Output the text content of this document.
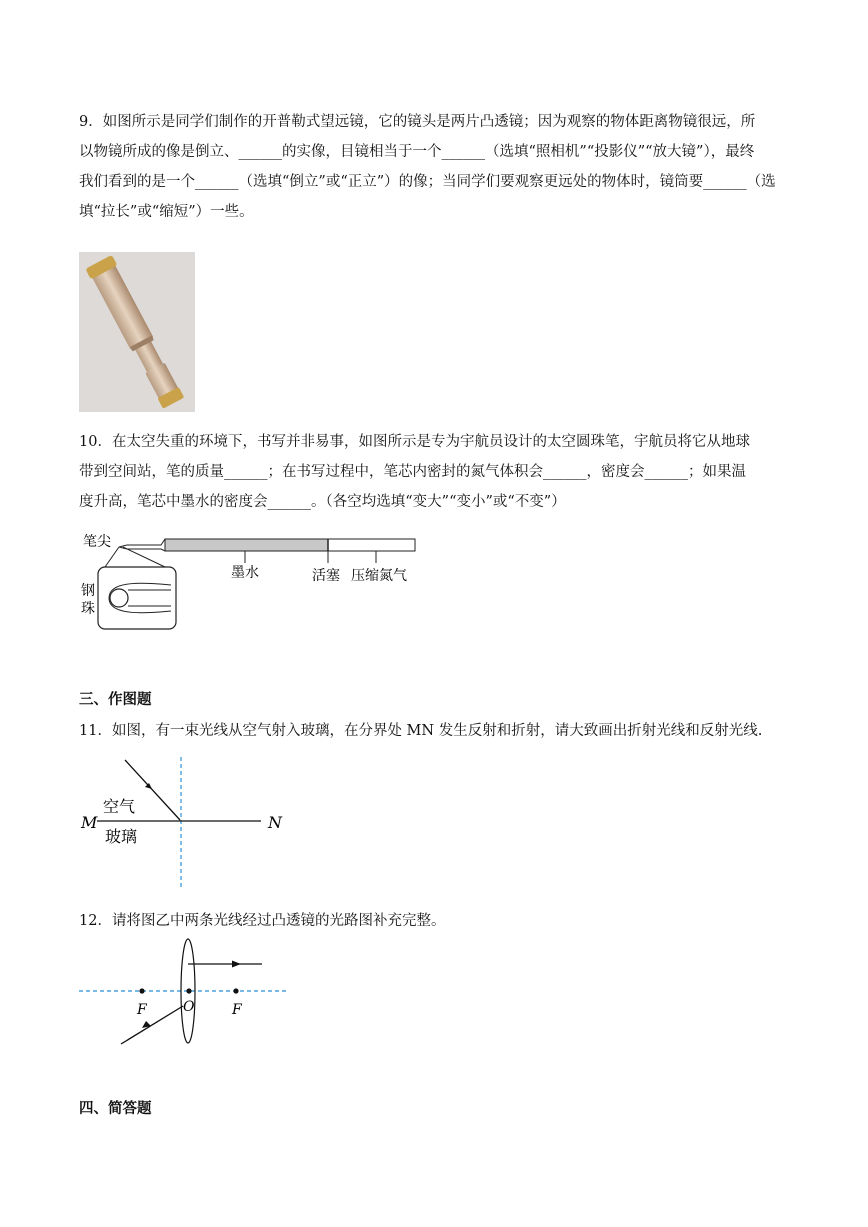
9．如图所示是同学们制作的开普勒式望远镜，它的镜头是两片凸透镜；因为观察的物体距离物镜很远，所
以物镜所成的像是倒立、______的实像，目镜相当于一个______（选填“照相机”“投影仪”“放大镜”），最终
我们看到的是一个______（选填“倒立”或“正立”）的像；当同学们要观察更远处的物体时，镜筒要______（选
填“拉长”或“缩短”）一些。
10．在太空失重的环境下，书写并非易事，如图所示是专为宇航员设计的太空圆珠笔，宇航员将它从地球
带到空间站，笔的质量______；在书写过程中，笔芯内密封的氮气体积会______，密度会______；如果温
度升高，笔芯中墨水的密度会______。（各空均选填“变大”“变小”或“不变”）
笔尖
墨水	活塞 压缩氮气
钢
珠
三、作图题
11．如图，有一束光线从空气射入玻璃，在分界处 MN 发生反射和折射，请大致画出折射光线和反射光线.
M	N
空气
玻璃
12．请将图乙中两条光线经过凸透镜的光路图补充完整。
F	O	F
四、简答题
